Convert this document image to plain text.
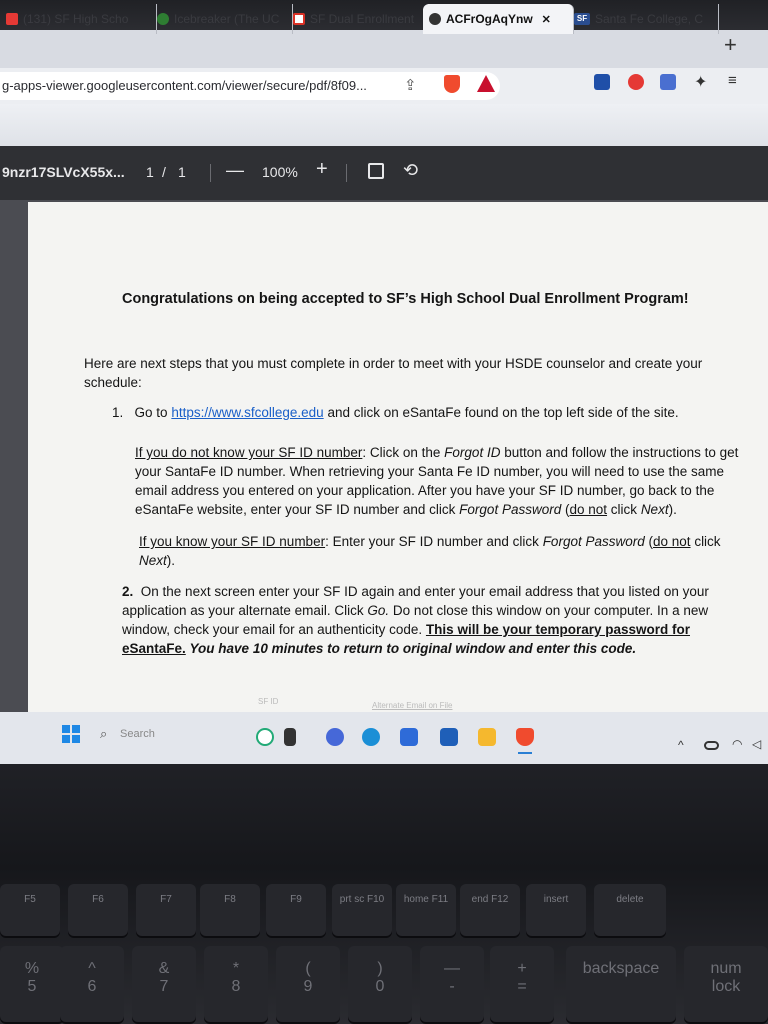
(131) SF High Scho	Icebreaker (The UC	SF Dual Enrollment	ACFrOgAqYnw ✕	SF Santa Fe College, C
+
g-apps-viewer.googleusercontent.com/viewer/secure/pdf/8f09... ⇪	✦ ≡
9nzr17SLVcX55x... 1 / 1 — 100% +	⟲
Congratulations on being accepted to SF’s High School Dual Enrollment Program!
Here are next steps that you must complete in order to meet with your HSDE counselor and create your schedule:
1. Go to https://www.sfcollege.edu and click on eSantaFe found on the top left side of the site.
If you do not know your SF ID number: Click on the Forgot ID button and follow the instructions to get your SantaFe ID number. When retrieving your Santa Fe ID number, you will need to use the same email address you entered on your application. After you have your SF ID number, go back to the eSantaFe website, enter your SF ID number and click Forgot Password (do not click Next).
If you know your SF ID number: Enter your SF ID number and click Forgot Password (do not click Next).
2. On the next screen enter your SF ID again and enter your email address that you listed on your application as your alternate email. Click Go. Do not close this window on your computer. In a new window, check your email for an authenticity code. This will be your temporary password for eSantaFe. You have 10 minutes to return to original window and enter this code.
SF ID	Alternate Email on File
⌕ Search
^	◠ ◁
F5	F6	F7	F8	F9	prt sc F10	home F11	end F12	insert	delete
%
5
^
6
&
7
*
8
(
9
)
0
—
-
+
=
backspace	num
lock
